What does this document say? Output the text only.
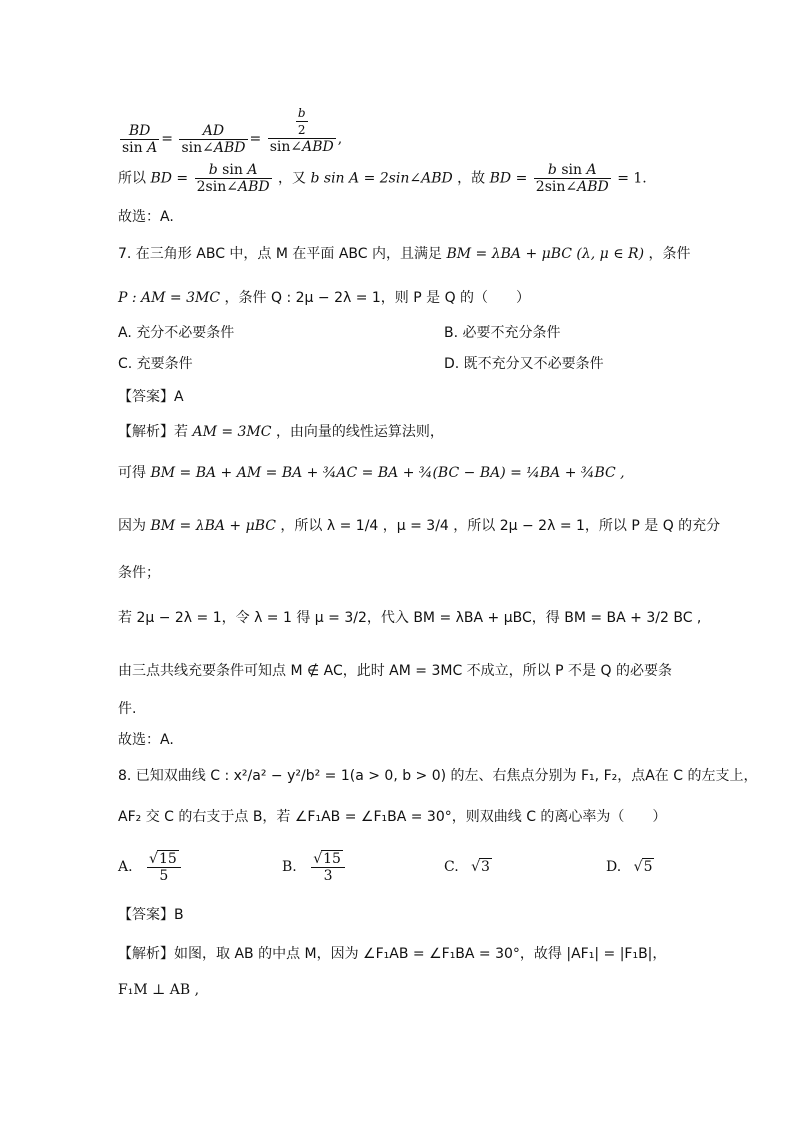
$\frac{BD}{\text{sin A}} = \frac{AD}{\text{sin∠ABD}} = \frac{\frac{b}{2}}{\text{sin∠ABD}}$ ,
所以 BD = $\frac{\text{b sin A}}{\text{2sin∠ABD}}$ ，又 b sin A = 2sin∠ABD ，故 BD = $\frac{\text{b sin A}}{\text{2sin∠ABD}} = 1$.
故选：A.
7. 在三角形 ABC 中，点 M 在平面 ABC 内，且满足 BM = λBA + μBC (λ, μ ∈ R) ，条件
P : AM = 3MC ，条件 Q : 2μ − 2λ = 1，则 P 是 Q 的（　　）
A. 充分不必要条件	B. 必要不充分条件
C. 充要条件	D. 既不充分又不必要条件
【答案】A
【解析】若 AM = 3MC ，由向量的线性运算法则，
可得 BM = BA + AM = BA + ¾AC = BA + ¾(BC − BA) = ¼BA + ¾BC ,
因为 BM = λBA + μBC ，所以 λ = 1/4 ，μ = 3/4 ，所以 2μ − 2λ = 1，所以 P 是 Q 的充分
条件；
若 2μ − 2λ = 1，令 λ = 1 得 μ = 3/2，代入 BM = λBA + μBC，得 BM = BA + 3/2 BC ,
由三点共线充要条件可知点 M ∉ AC，此时 AM = 3MC 不成立，所以 P 不是 Q 的必要条
件.
故选：A.
8. 已知双曲线 C : x²/a² − y²/b² = 1(a > 0, b > 0) 的左、右焦点分别为 F₁, F₂，点A在 C 的左支上，
AF₂ 交 C 的右支于点 B，若 ∠F₁AB = ∠F₁BA = 30°，则双曲线 C 的离心率为（　　）
A. $\frac{√15}{5}$	B. $\frac{√15}{3}$	C. √3	D. √5
【答案】B
【解析】如图，取 AB 的中点 M，因为 ∠F₁AB = ∠F₁BA = 30°，故得 |AF₁| = |F₁B|，
F₁M ⊥ AB ,
